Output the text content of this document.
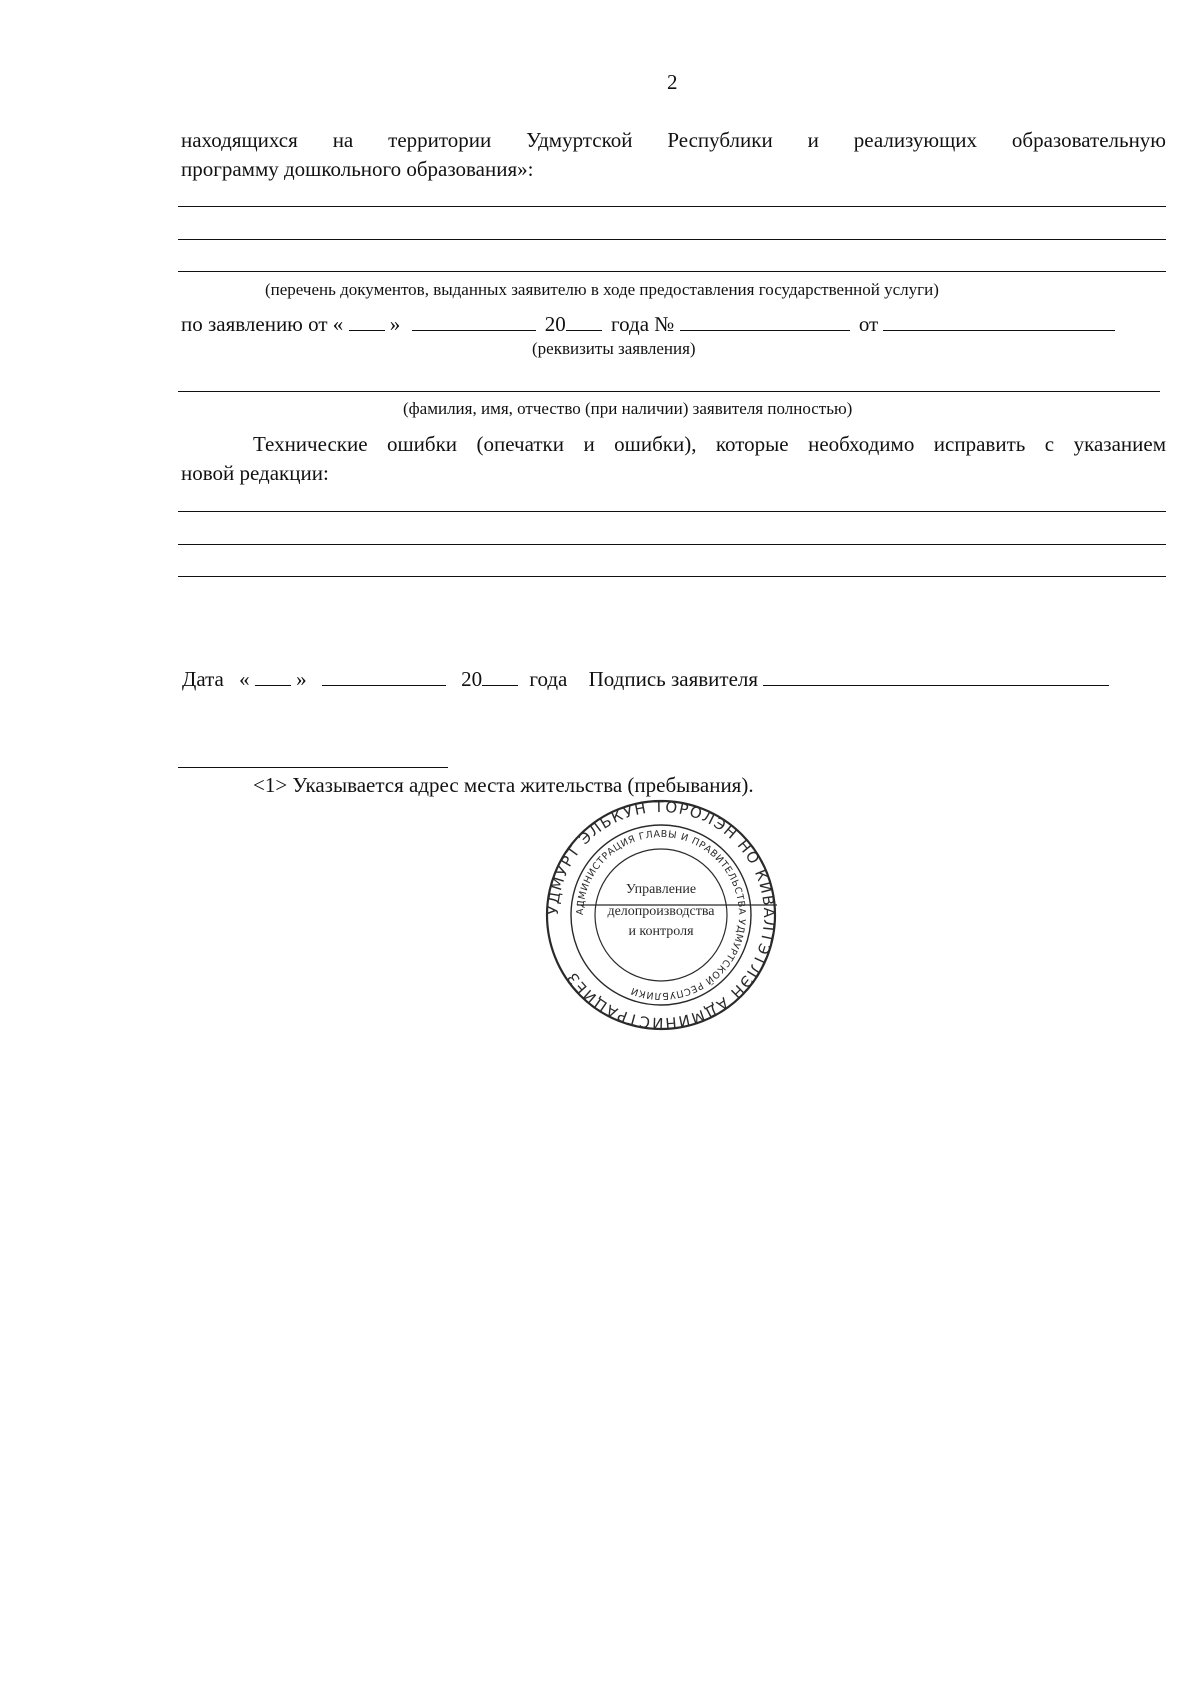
2
находящихся на территории Удмуртской Республики и реализующих образовательную
программу дошкольного образования»:
(перечень документов, выданных заявителю в ходе предоставления государственной услуги)
по заявлению от « »	20 года №	от
(реквизиты заявления)
(фамилия, имя, отчество (при наличии) заявителя полностью)
Технические ошибки (опечатки и ошибки), которые необходимо исправить с указанием
новой редакции:
Дата « »	20 года Подпись заявителя
<1> Указывается адрес места жительства (пребывания).
УДМУРТ ЭЛЬКУН ТОРОЛЭН НО КИВАЛТЭТЛЭН АДМИНИСТРАЦИЕЗ
АДМИНИСТРАЦИЯ ГЛАВЫ И ПРАВИТЕЛЬСТВА УДМУРТСКОЙ РЕСПУБЛИКИ
Управление
делопроизводства
и контроля
